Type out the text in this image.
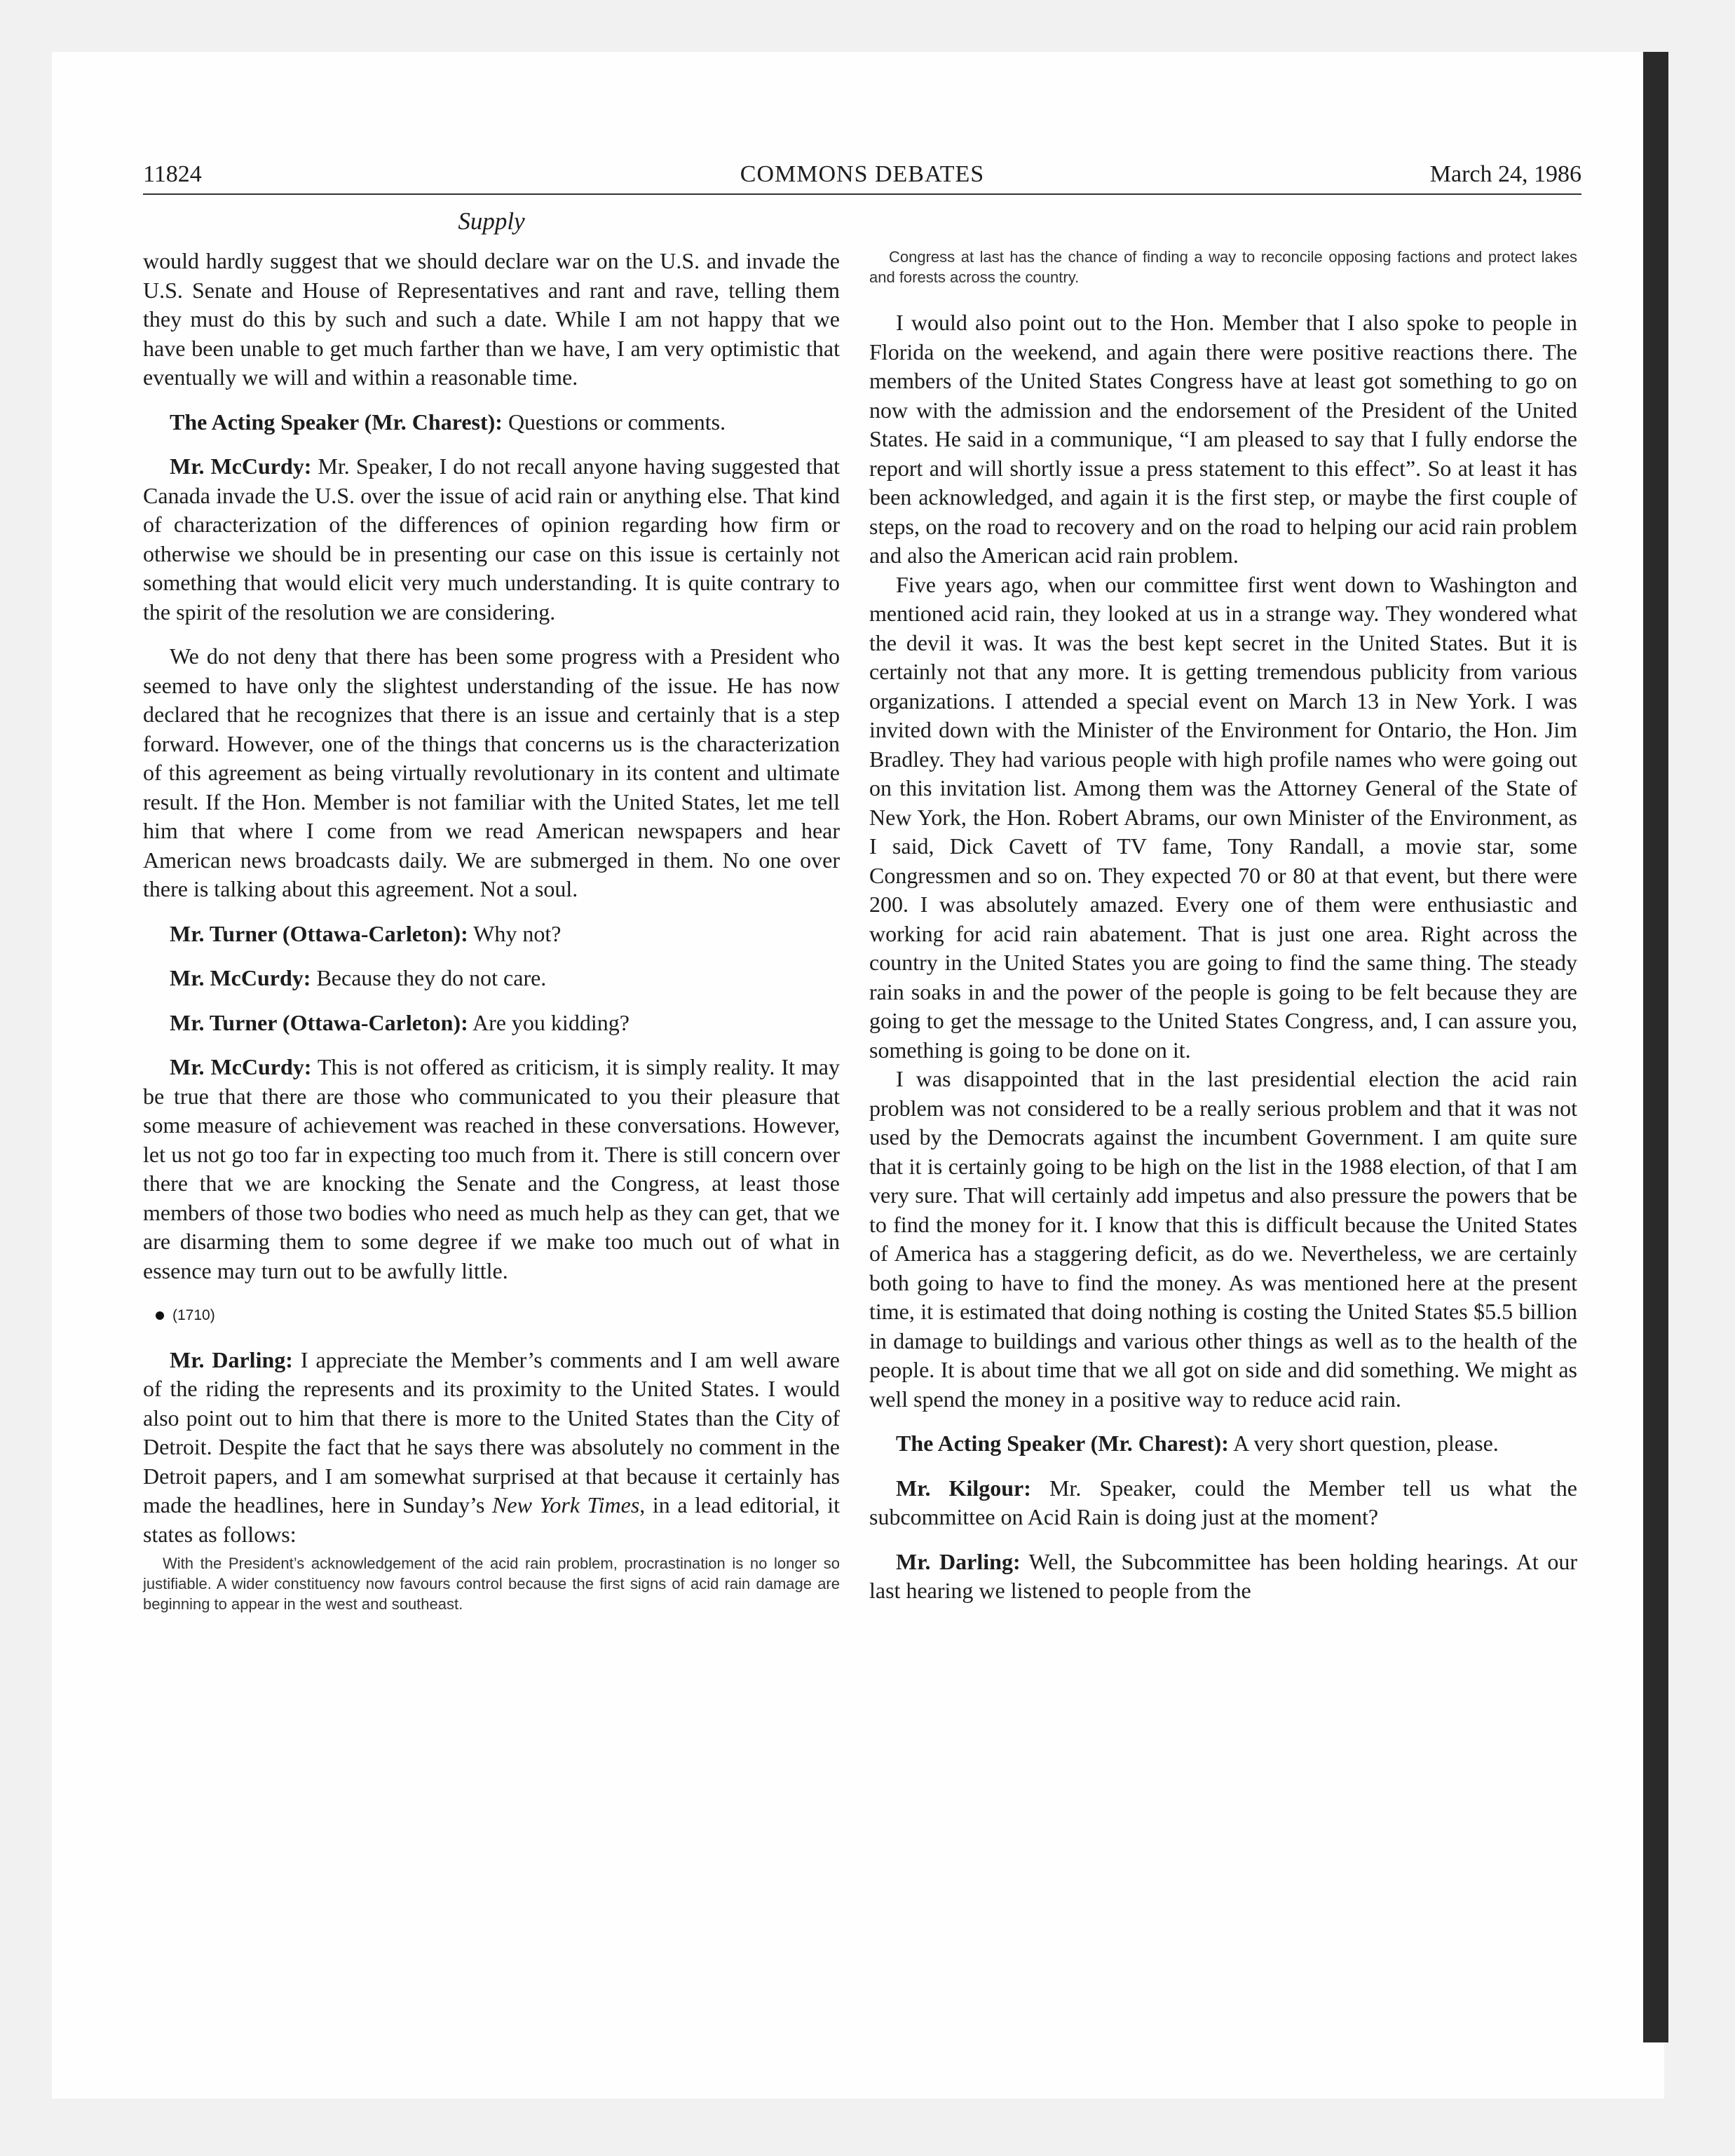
11824	COMMONS DEBATES	March 24, 1986
Supply

would hardly suggest that we should declare war on the U.S. and invade the U.S. Senate and House of Representatives and rant and rave, telling them they must do this by such and such a date. While I am not happy that we have been unable to get much farther than we have, I am very optimistic that eventually we will and within a reasonable time.

The Acting Speaker (Mr. Charest): Questions or comments.

Mr. McCurdy: Mr. Speaker, I do not recall anyone having suggested that Canada invade the U.S. over the issue of acid rain or anything else. That kind of characterization of the differences of opinion regarding how firm or otherwise we should be in presenting our case on this issue is certainly not something that would elicit very much understanding. It is quite contrary to the spirit of the resolution we are considering.

We do not deny that there has been some progress with a President who seemed to have only the slightest understanding of the issue. He has now declared that he recognizes that there is an issue and certainly that is a step forward. However, one of the things that concerns us is the characterization of this agreement as being virtually revolutionary in its content and ultimate result. If the Hon. Member is not familiar with the United States, let me tell him that where I come from we read American newspapers and hear American news broadcasts daily. We are submerged in them. No one over there is talking about this agreement. Not a soul.

Mr. Turner (Ottawa-Carleton): Why not?

Mr. McCurdy: Because they do not care.

Mr. Turner (Ottawa-Carleton): Are you kidding?

Mr. McCurdy: This is not offered as criticism, it is simply reality. It may be true that there are those who communicated to you their pleasure that some measure of achievement was reached in these conversations. However, let us not go too far in expecting too much from it. There is still concern over there that we are knocking the Senate and the Congress, at least those members of those two bodies who need as much help as they can get, that we are disarming them to some degree if we make too much out of what in essence may turn out to be awfully little.

(1710)

Mr. Darling: I appreciate the Member’s comments and I am well aware of the riding the represents and its proximity to the United States. I would also point out to him that there is more to the United States than the City of Detroit. Despite the fact that he says there was absolutely no comment in the Detroit papers, and I am somewhat surprised at that because it certainly has made the headlines, here in Sunday’s New York Times, in a lead editorial, it states as follows:

With the President’s acknowledgement of the acid rain problem, procrastination is no longer so justifiable. A wider constituency now favours control because the first signs of acid rain damage are beginning to appear in the west and southeast.
Congress at last has the chance of finding a way to reconcile opposing factions and protect lakes and forests across the country.

I would also point out to the Hon. Member that I also spoke to people in Florida on the weekend, and again there were positive reactions there. The members of the United States Congress have at least got something to go on now with the admission and the endorsement of the President of the United States. He said in a communique, “I am pleased to say that I fully endorse the report and will shortly issue a press statement to this effect”. So at least it has been acknowledged, and again it is the first step, or maybe the first couple of steps, on the road to recovery and on the road to helping our acid rain problem and also the American acid rain problem.

Five years ago, when our committee first went down to Washington and mentioned acid rain, they looked at us in a strange way. They wondered what the devil it was. It was the best kept secret in the United States. But it is certainly not that any more. It is getting tremendous publicity from various organizations. I attended a special event on March 13 in New York. I was invited down with the Minister of the Environment for Ontario, the Hon. Jim Bradley. They had various people with high profile names who were going out on this invitation list. Among them was the Attorney General of the State of New York, the Hon. Robert Abrams, our own Minister of the Environment, as I said, Dick Cavett of TV fame, Tony Randall, a movie star, some Congressmen and so on. They expected 70 or 80 at that event, but there were 200. I was absolutely amazed. Every one of them were enthusiastic and working for acid rain abatement. That is just one area. Right across the country in the United States you are going to find the same thing. The steady rain soaks in and the power of the people is going to be felt because they are going to get the message to the United States Congress, and, I can assure you, something is going to be done on it.

I was disappointed that in the last presidential election the acid rain problem was not considered to be a really serious problem and that it was not used by the Democrats against the incumbent Government. I am quite sure that it is certainly going to be high on the list in the 1988 election, of that I am very sure. That will certainly add impetus and also pressure the powers that be to find the money for it. I know that this is difficult because the United States of America has a staggering deficit, as do we. Nevertheless, we are certainly both going to have to find the money. As was mentioned here at the present time, it is estimated that doing nothing is costing the United States $5.5 billion in damage to buildings and various other things as well as to the health of the people. It is about time that we all got on side and did something. We might as well spend the money in a positive way to reduce acid rain.

The Acting Speaker (Mr. Charest): A very short question, please.

Mr. Kilgour: Mr. Speaker, could the Member tell us what the subcommittee on Acid Rain is doing just at the moment?

Mr. Darling: Well, the Subcommittee has been holding hearings. At our last hearing we listened to people from the
